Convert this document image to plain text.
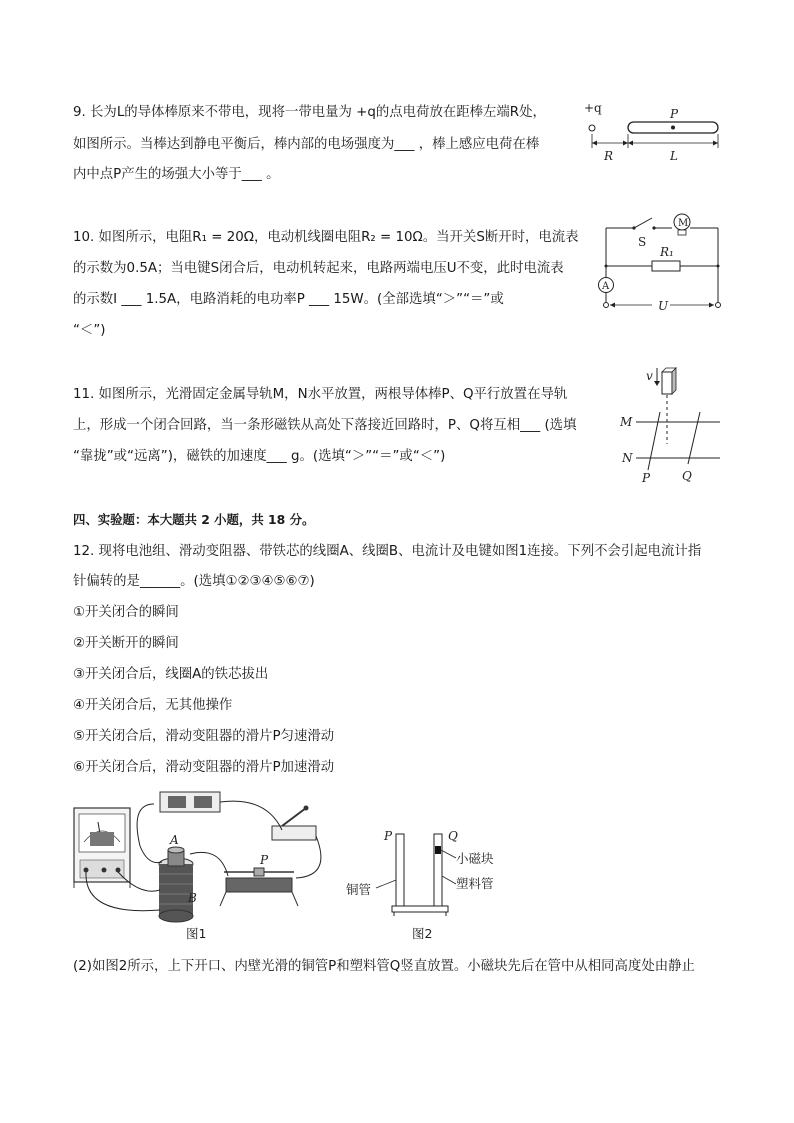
9. 长为L的导体棒原来不带电，现将一带电量为 +q的点电荷放在距棒左端R处，
如图所示。当棒达到静电平衡后，棒内部的电场强度为___ ，棒上感应电荷在棒
内中点P产生的场强大小等于___ 。
+q	P
R	L
10. 如图所示，电阻R₁ = 20Ω，电动机线圈电阻R₂ = 10Ω。当开关S断开时，电流表
的示数为0.5A；当电键S闭合后，电动机转起来，电路两端电压U不变，此时电流表
的示数I ___ 1.5A，电路消耗的电功率P ___ 15W。(全部选填“＞”“＝”或
“＜”)
M
S
R₁
A
U
11. 如图所示，光滑固定金属导轨M，N水平放置，两根导体棒P、Q平行放置在导轨
上，形成一个闭合回路，当一条形磁铁从高处下落接近回路时，P、Q将互相___ (选填
“靠拢”或“远离”)，磁铁的加速度___ g。(选填“＞”“＝”或“＜”)
v
M
N
P	Q
四、实验题：本大题共 2 小题，共 18 分。
12. 现将电池组、滑动变阻器、带铁芯的线圈A、线圈B、电流计及电键如图1连接。下列不会引起电流计指
针偏转的是______。(选填①②③④⑤⑥⑦)
①开关闭合的瞬间
②开关断开的瞬间
③开关闭合后，线圈A的铁芯拔出
④开关闭合后，无其他操作
⑤开关闭合后，滑动变阻器的滑片P匀速滑动
⑥开关闭合后，滑动变阻器的滑片P加速滑动
A
B
P
图1
P	Q
小磁块
塑料管
铜管
图2
(2)如图2所示，上下开口、内壁光滑的铜管P和塑料管Q竖直放置。小磁块先后在管中从相同高度处由静止
